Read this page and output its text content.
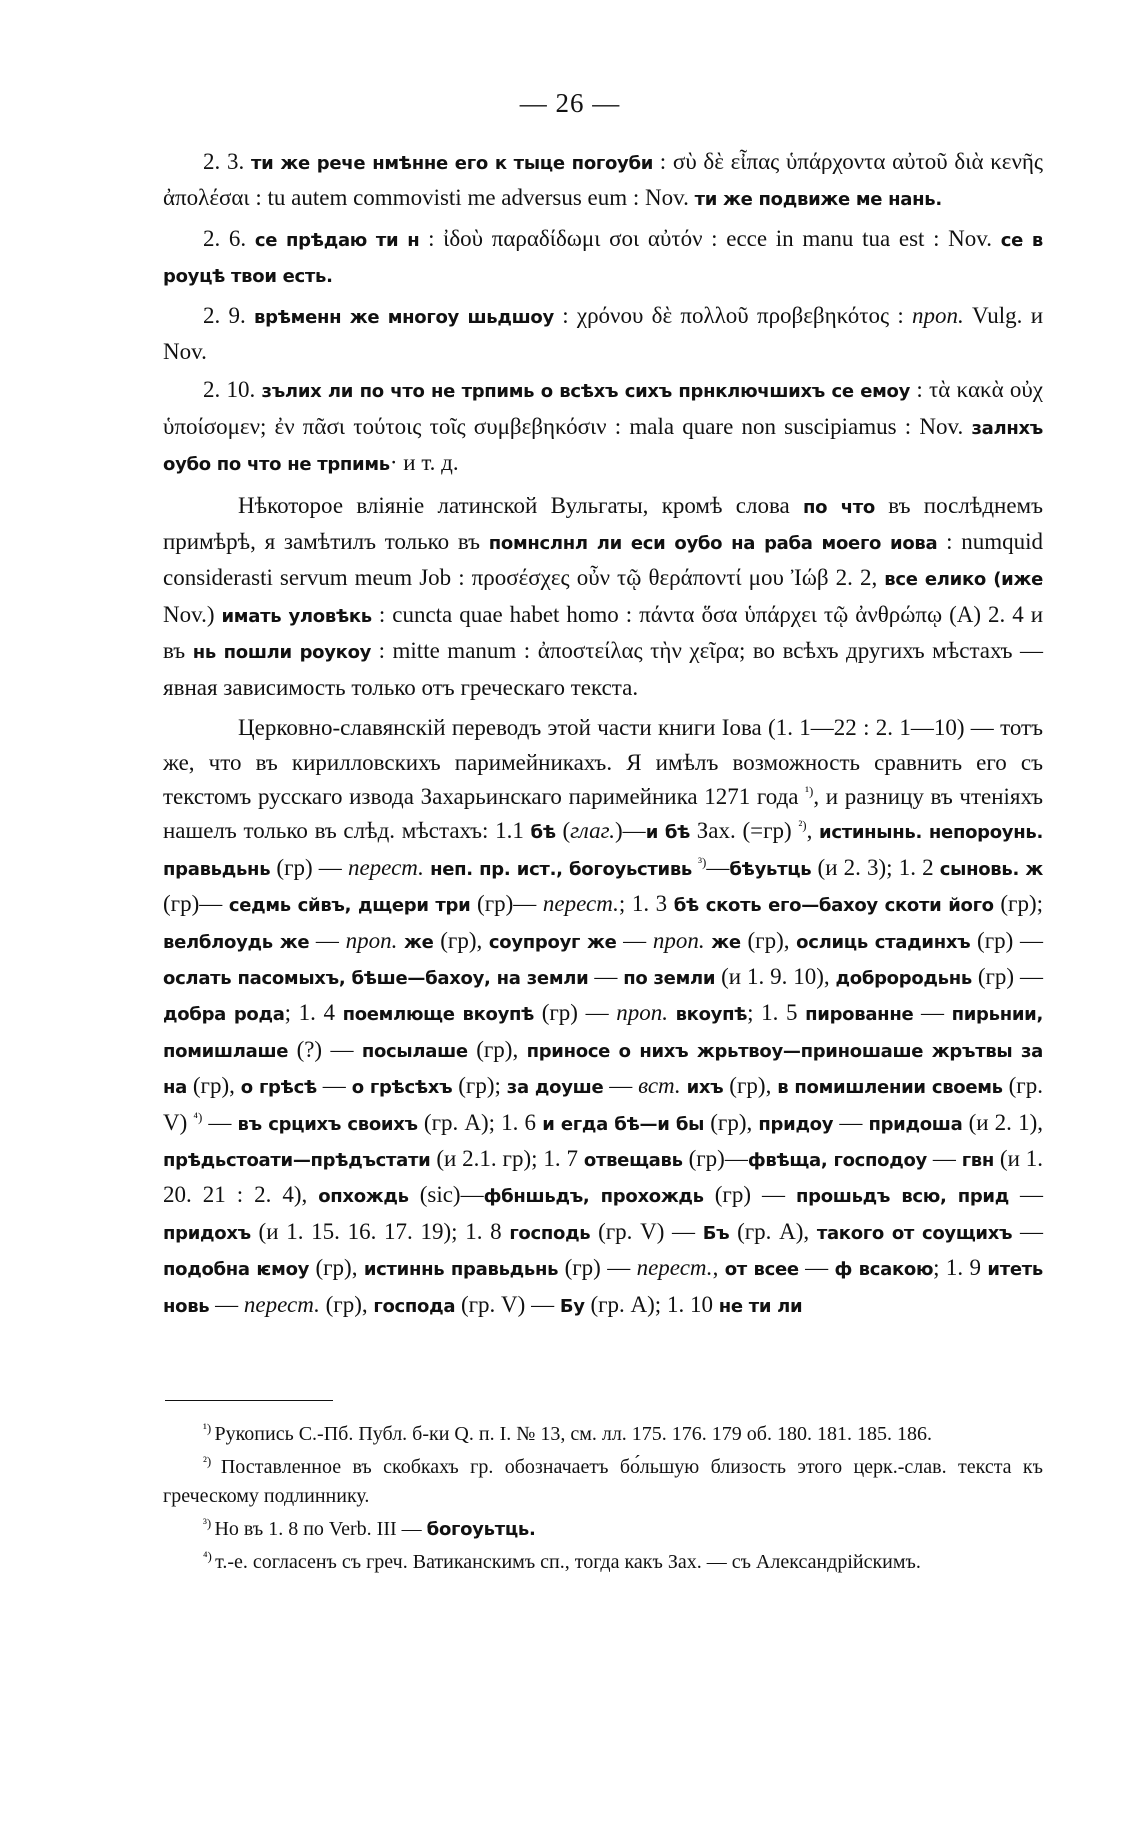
— 26 —

2. 3. ти же рече нмѣнне его к тыце погоуби : σὺ δὲ εἶπας ὑπάρχοντα αὐτοῦ διὰ κενῆς ἀπολέσαι : tu autem commovisti me adversus eum : Nov. ти же подвиже ме нань.

2. 6. се прѣдаю ти н : ἰδοὺ παραδίδωμι σοι αὐτόν : ecce in manu tua est : Nov. се в роуцѣ твои есть.

2. 9. врѣменн же многоу шьдшоу : χρόνου δὲ πολλοῦ προβεβηκότος : проп. Vulg. и Nov.

2. 10. зълих ли по что не трпимь о всѣхъ сихъ прнключшихъ се емоу : τὰ κακὰ οὐχ ὑποίσομεν; ἐν πᾶσι τούτοις τοῖς συμβεβηκόσιν : mala quare non suscipiamus : Nov. залнхъ оубо по что не трпимь· и т. д.

Нѣкоторое вліяніе латинской Вульгаты, кромѣ слова по что въ послѣднемъ примѣрѣ, я замѣтилъ только въ помнслнл ли еси оубо на рабa моего иова : numquid considerasti servum meum Job : προσέσχες οὖν τῷ θεράποντί μου Ἰώβ 2. 2, все елико (иже Nov.) имать уловѣкь : cuncta quae habet homo : πάντα ὅσα ὑπάρχει τῷ ἀνθρώπῳ (A) 2. 4 и въ нь пошли роукоу : mitte manum : ἀποστείλας τὴν χεῖρα; во всѣхъ другихъ мѣстахъ — явная зависимость только отъ греческаго текста.

Церковно-славянскій переводъ этой части книги Іова (1. 1—22 : 2. 1—10) — тотъ же, что въ кирилловскихъ паримейникахъ. Я имѣлъ возможность сравнить его съ текстомъ русскаго извода Захарьинскаго паримейника 1271 года $^{^1)}$, и разницу въ чтеніяхъ нашелъ только въ слѣд. мѣстахъ: 1.1 бѣ (глаг.)—и бѣ Зах. (=гр) $^{^2)}$, истинынь. непороунь. правьдьнь (гр) — перест. неп. пр. ист., богоуьстивь $^{^3)}$—бѣуьтць (и 2. 3); 1. 2 сыновь. ж (гр)— седмь сйвъ, дщери три (гр)— перест.; 1. 3 бѣ скоть его—бахоу скоти його (гр); велблоудь же — проп. же (гр), соупроуг же — проп. же (гр), ослиць стадинхъ (гр) — ослать пасомыхъ, бѣше—бахоу, на земли — по земли (и 1. 9. 10), доброродьнь (гр) — добра рода; 1. 4 поемлюще вкоупѣ (гр) — проп. вкоупѣ; 1. 5 пированне — пирьнии, помишлаше (?) — посылаше (гр), приносе о нихъ жрьтвоу—приношаше жрътвы за на (гр), о грѣсѣ — о грѣсѣхъ (гр); за доуше — вст. ихъ (гр), в помишлении своемь (гр. V) $^{^4)}$ — въ срцихъ своихъ (гр. A); 1. 6 и егда бѣ—и бы (гр), придоу — придоша (и 2. 1), прѣдьстоати—прѣдъстати (и 2.1. гр); 1. 7 отвещавь (гр)—фвѣща, господоу — гвн (и 1. 20. 21 : 2. 4), опхождь (sic)—фбншьдъ, прохождь (гр) — прошьдъ всю, прид — придохъ (и 1. 15. 16. 17. 19); 1. 8 господь (гр. V) — Бъ (гр. A), такого от соущихъ — подобна ѥмоу (гр), истиннь правьдьнь (гр) — перест., от всее — ф всакою; 1. 9 итеть новь — перест. (гр), господа (гр. V) — Бу (гр. A); 1. 10 не ти ли

$^{^1)}$ Рукопись С.-Пб. Публ. б-ки Q. п. I. № 13, см. лл. 175. 176. 179 об. 180. 181. 185. 186.

$^{^2)}$ Поставленное въ скобкахъ гр. обозначаетъ бо́льшую близость этого церк.-слав. текста къ греческому подлиннику.

$^{^3)}$ Но въ 1. 8 по Verb. III — богоуьтць.

$^{^4)}$ т.-е. согласенъ съ греч. Ватиканскимъ сп., тогда какъ Зах. — съ Александрійскимъ.
